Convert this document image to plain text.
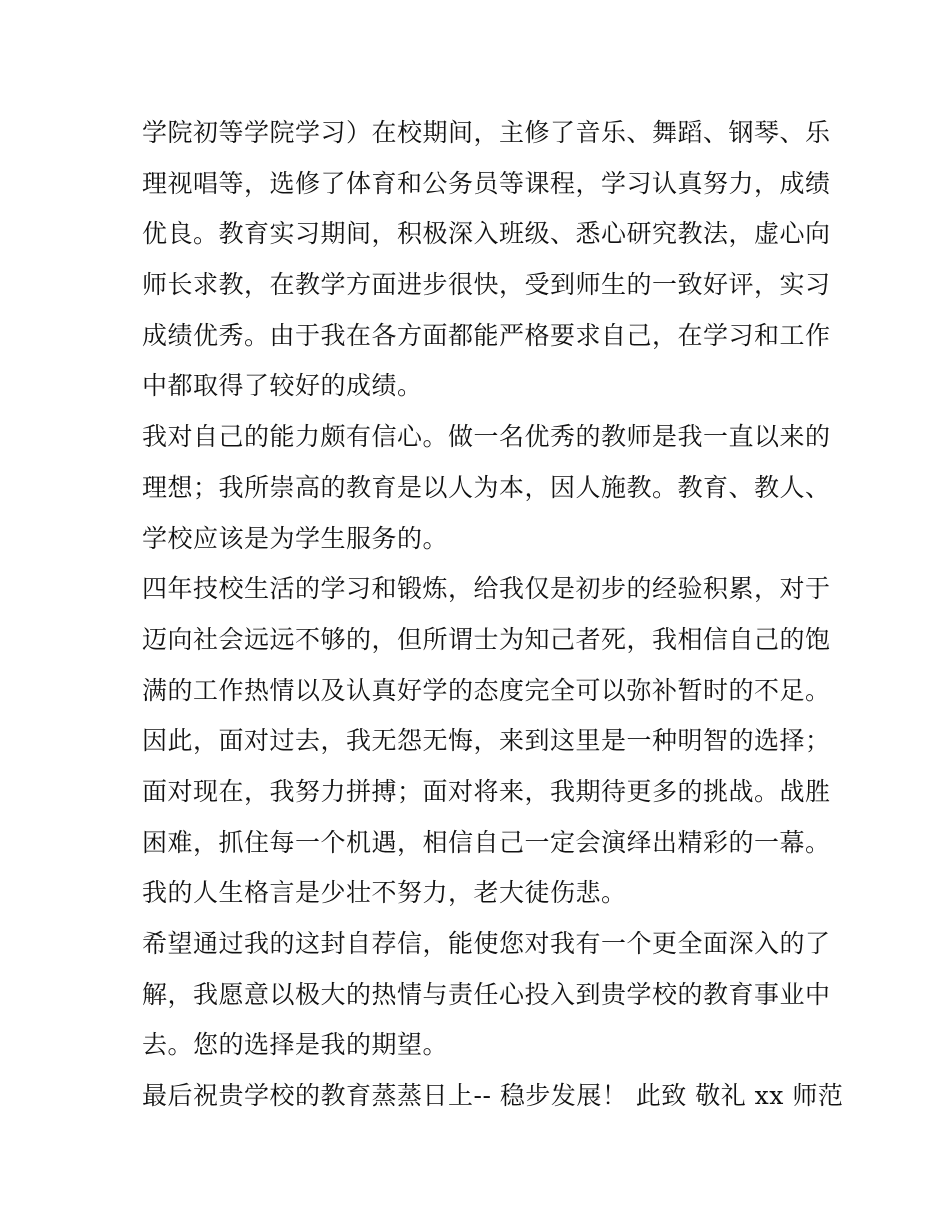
学院初等学院学习）在校期间，主修了音乐、舞蹈、钢琴、乐
理视唱等，选修了体育和公务员等课程，学习认真努力，成绩
优良。教育实习期间，积极深入班级、悉心研究教法，虚心向
师长求教，在教学方面进步很快，受到师生的一致好评，实习
成绩优秀。由于我在各方面都能严格要求自己，在学习和工作
中都取得了较好的成绩。
我对自己的能力颇有信心。做一名优秀的教师是我一直以来的
理想；我所崇高的教育是以人为本，因人施教。教育、教人、
学校应该是为学生服务的。
四年技校生活的学习和锻炼，给我仅是初步的经验积累，对于
迈向社会远远不够的，但所谓士为知己者死，我相信自己的饱
满的工作热情以及认真好学的态度完全可以弥补暂时的不足。
因此，面对过去，我无怨无悔，来到这里是一种明智的选择；
面对现在，我努力拼搏；面对将来，我期待更多的挑战。战胜
困难，抓住每一个机遇，相信自己一定会演绎出精彩的一幕。
我的人生格言是少壮不努力，老大徒伤悲。
希望通过我的这封自荐信，能使您对我有一个更全面深入的了
解，我愿意以极大的热情与责任心投入到贵学校的教育事业中
去。您的选择是我的期望。
最后祝贵学校的教育蒸蒸日上-- 稳步发展！ 此致 敬礼 xx 师范
